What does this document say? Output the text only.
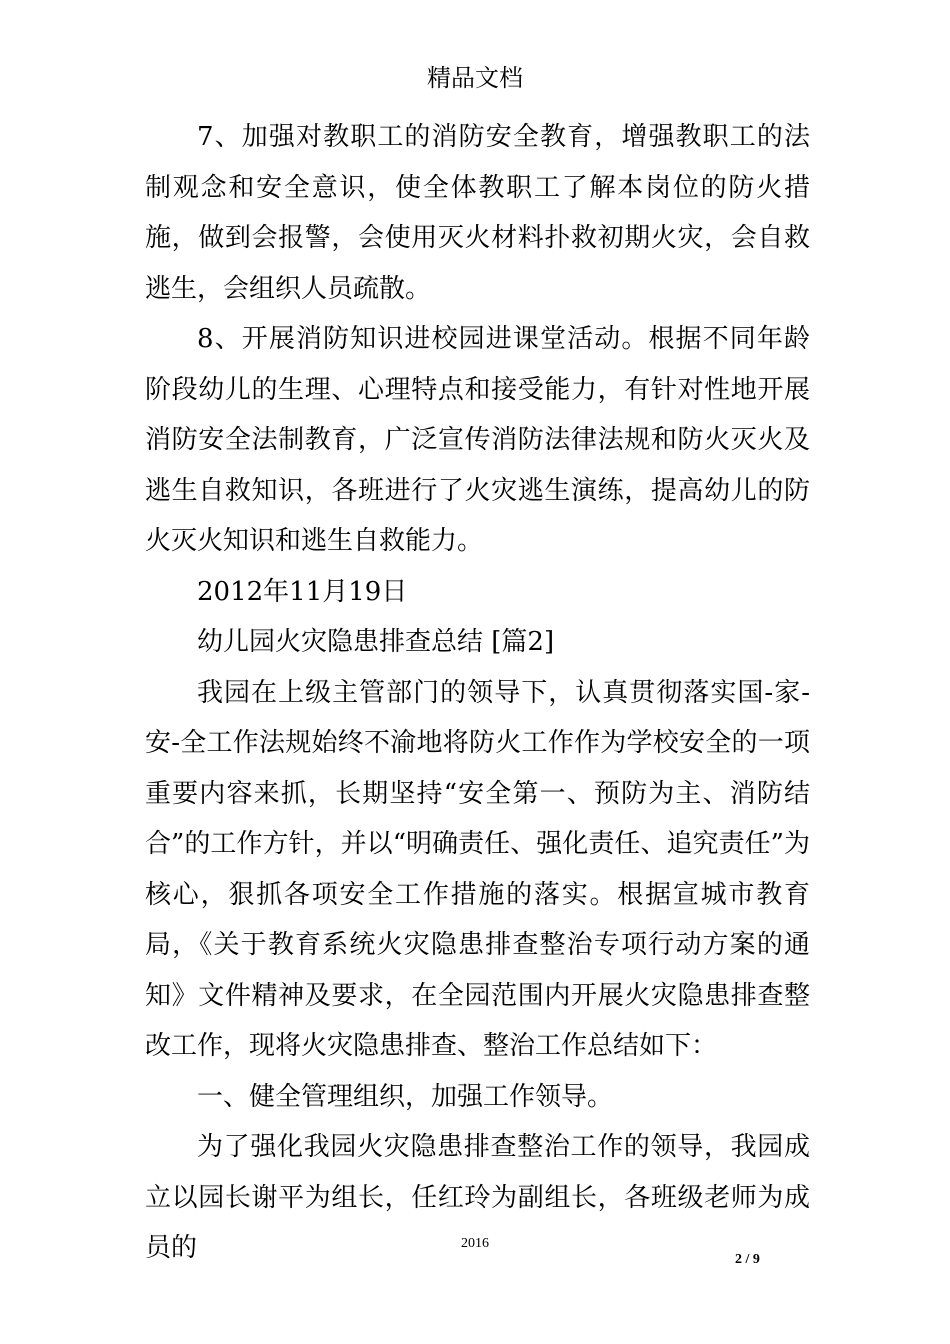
精品文档

7、加强对教职工的消防安全教育，增强教职工的法制观念和安全意识，使全体教职工了解本岗位的防火措施，做到会报警，会使用灭火材料扑救初期火灾，会自救逃生，会组织人员疏散。

8、开展消防知识进校园进课堂活动。根据不同年龄阶段幼儿的生理、心理特点和接受能力，有针对性地开展消防安全法制教育，广泛宣传消防法律法规和防火灭火及逃生自救知识，各班进行了火灾逃生演练，提高幼儿的防火灭火知识和逃生自救能力。

2012年11月19日

幼儿园火灾隐患排查总结 [篇2]

我园在上级主管部门的领导下，认真贯彻落实国-家-安-全工作法规始终不渝地将防火工作作为学校安全的一项重要内容来抓，长期坚持“安全第一、预防为主、消防结合”的工作方针，并以“明确责任、强化责任、追究责任”为核心，狠抓各项安全工作措施的落实。根据宣城市教育局，《关于教育系统火灾隐患排查整治专项行动方案的通知》文件精神及要求，在全园范围内开展火灾隐患排查整改工作，现将火灾隐患排查、整治工作总结如下：

一、健全管理组织，加强工作领导。

为了强化我园火灾隐患排查整治工作的领导，我园成立以园长谢平为组长，任红玲为副组长，各班级老师为成员的	2016
2 / 9
